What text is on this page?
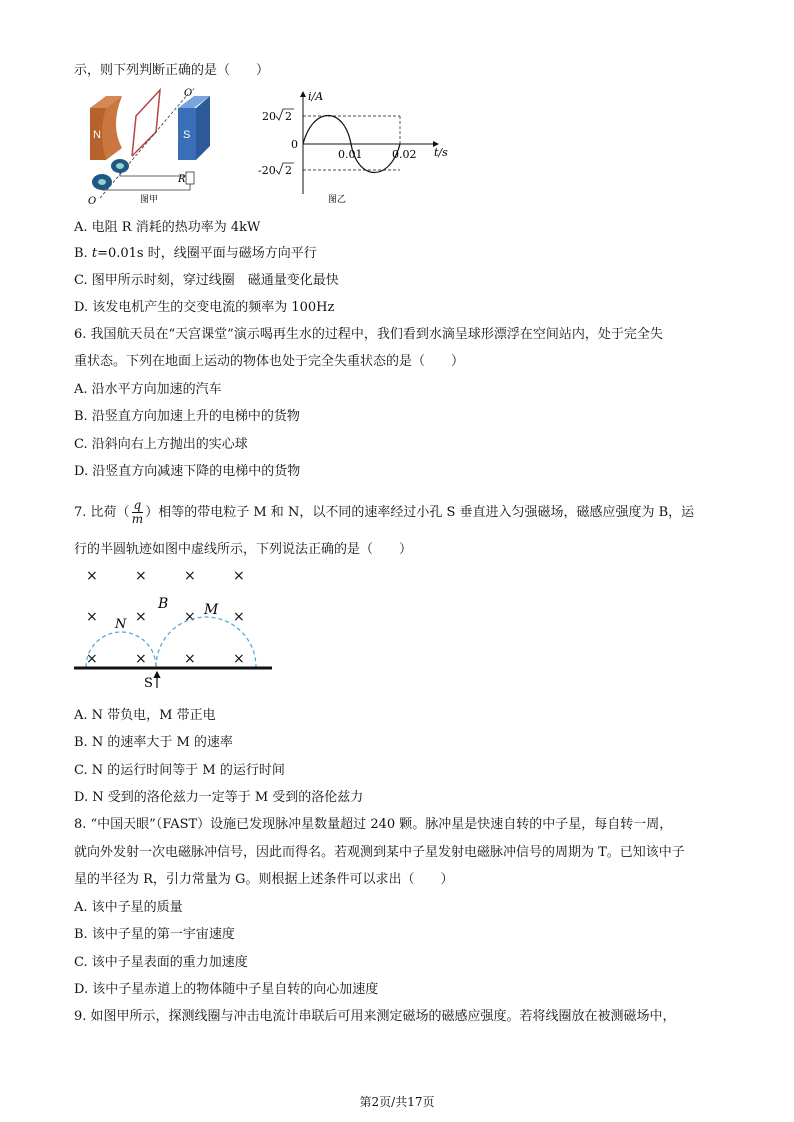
示，则下列判断正确的是（　　）
N	S
O′
O
R
图甲
i/A
t/s
0
20 2
-20 2
0.01	0.02
图乙
A. 电阻 R 消耗的热功率为 4kW
B. t=0.01s 时，线圈平面与磁场方向平行
C. 图甲所示时刻，穿过线圈　磁通量变化最快
D. 该发电机产生的交变电流的频率为 100Hz
6. 我国航天员在“天宫课堂”演示喝再生水的过程中，我们看到水滴呈球形漂浮在空间站内，处于完全失
重状态。下列在地面上运动的物体也处于完全失重状态的是（　　）
A. 沿水平方向加速的汽车
B. 沿竖直方向加速上升的电梯中的货物
C. 沿斜向右上方抛出的实心球
D. 沿竖直方向减速下降的电梯中的货物
7. 比荷（ $\frac{q}{m}$ ）相等的带电粒子 M 和 N，以不同的速率经过小孔 S 垂直进入匀强磁场，磁感应强度为 B，运
行的半圆轨迹如图中虚线所示，下列说法正确的是（　　）
×	×	×	×
×	×	×	×
×	×	×	×
B	M
N
S
A. N 带负电，M 带正电
B. N 的速率大于 M 的速率
C. N 的运行时间等于 M 的运行时间
D. N 受到的洛伦兹力一定等于 M 受到的洛伦兹力
8. “中国天眼”（FAST）设施已发现脉冲星数量超过 240 颗。脉冲星是快速自转的中子星，每自转一周，
就向外发射一次电磁脉冲信号，因此而得名。若观测到某中子星发射电磁脉冲信号的周期为 T。已知该中子
星的半径为 R，引力常量为 G。则根据上述条件可以求出（　　）
A. 该中子星的质量
B. 该中子星的第一宇宙速度
C. 该中子星表面的重力加速度
D. 该中子星赤道上的物体随中子星自转的向心加速度
9. 如图甲所示，探测线圈与冲击电流计串联后可用来测定磁场的磁感应强度。若将线圈放在被测磁场中，
第2页/共17页
